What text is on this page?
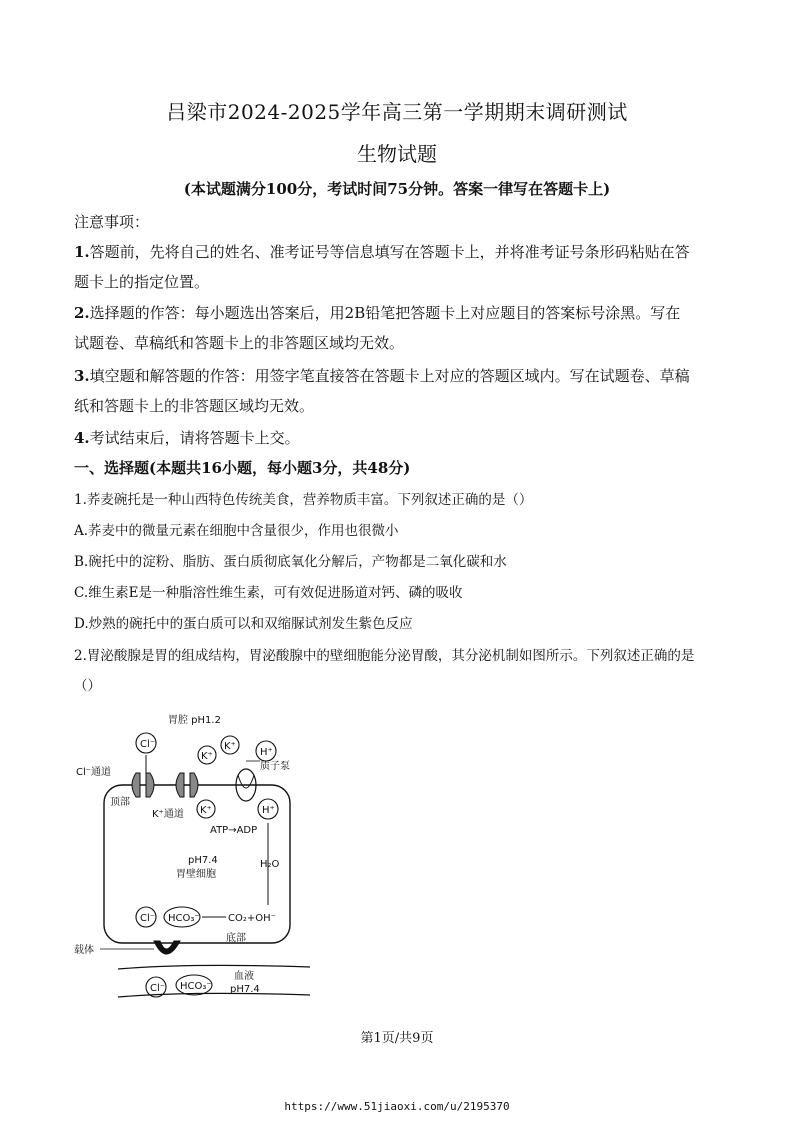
吕梁市2024-2025学年高三第一学期期末调研测试
生物试题
(本试题满分100分，考试时间75分钟。答案一律写在答题卡上)
注意事项：
1.答题前，先将自己的姓名、准考证号等信息填写在答题卡上，并将准考证号条形码粘贴在答
题卡上的指定位置。
2.选择题的作答：每小题选出答案后，用2B铅笔把答题卡上对应题目的答案标号涂黑。写在
试题卷、草稿纸和答题卡上的非答题区域均无效。
3.填空题和解答题的作答：用签字笔直接答在答题卡上对应的答题区域内。写在试题卷、草稿
纸和答题卡上的非答题区域均无效。
4.考试结束后，请将答题卡上交。
一、选择题(本题共16小题，每小题3分，共48分)
1.荞麦碗托是一种山西特色传统美食，营养物质丰富。下列叙述正确的是（）
A.荞麦中的微量元素在细胞中含量很少，作用也很微小
B.碗托中的淀粉、脂肪、蛋白质彻底氧化分解后，产物都是二氧化碳和水
C.维生素E是一种脂溶性维生素，可有效促进肠道对钙、磷的吸收
D.炒熟的碗托中的蛋白质可以和双缩脲试剂发生紫色反应
2.胃泌酸腺是胃的组成结构，胃泌酸腺中的壁细胞能分泌胃酸，其分泌机制如图所示。下列叙述正确的是
（）
胃腔 pH1.2
Cl⁻
K⁺
K⁺
H⁺
Cl⁻通道
顶部
K⁺通道
质子泵
K⁺	H⁺
ATP→ADP
H₂O
pH7.4
胃壁细胞
Cl⁻ HCO₃⁻	CO₂+OH⁻
载体
底部
Cl⁻ HCO₃⁻
血液
pH7.4
第1页/共9页
https://www.51jiaoxi.com/u/2195370
